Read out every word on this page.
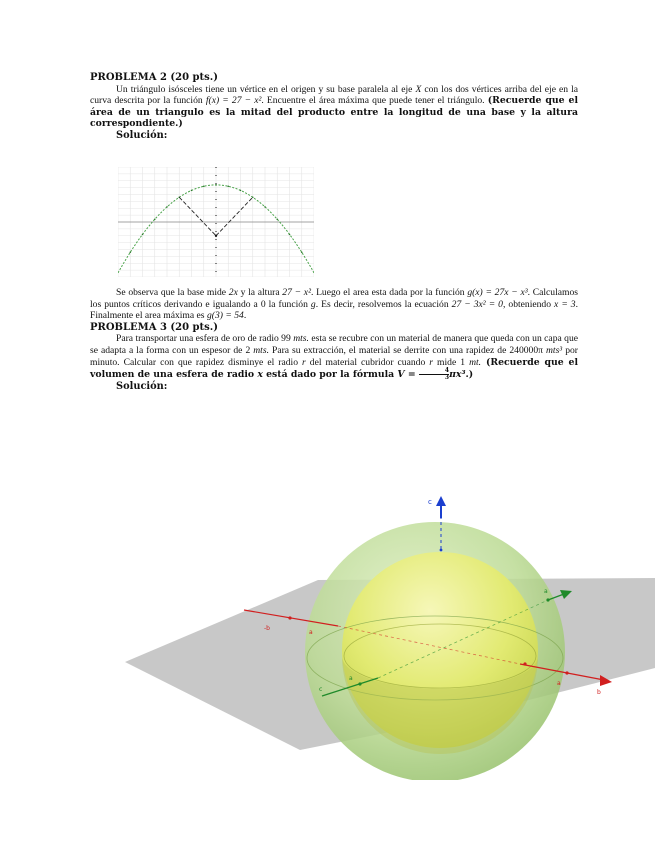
PROBLEMA 2 (20 pts.)

Un triángulo isósceles tiene un vértice en el origen y su base paralela al eje X con los dos vértices arriba del eje en la curva descrita por la función f(x) = 27 − x². Encuentre el área máxima que puede tener el triángulo. (Recuerde que el área de un triangulo es la mitad del producto entre la longitud de una base y la altura correspondiente.)

Solución:

Se observa que la base mide 2x y la altura 27 − x². Luego el area esta dada por la función g(x) = 27x − x³. Calculamos los puntos críticos derivando e igualando a 0 la función g. Es decir, resolvemos la ecuación 27 − 3x² = 0, obteniendo x = 3. Finalmente el area máxima es g(3) = 54.

PROBLEMA 3 (20 pts.)

Para transportar una esfera de oro de radio 99 mts. esta se recubre con un material de manera que queda con un capa que se adapta a la forma con un espesor de 2 mts. Para su extracción, el material se derrite con una rapidez de 240000π mts³ por minuto. Calcular con que rapidez disminye el radio r del material cubridor cuando r mide 1 mt. (Recuerde que el volumen de una esfera de radio x está dado por la fórmula $V = \frac{4}{3} \pi x^3$.)

Solución:

c
-b
a
a
b
a
a
c
